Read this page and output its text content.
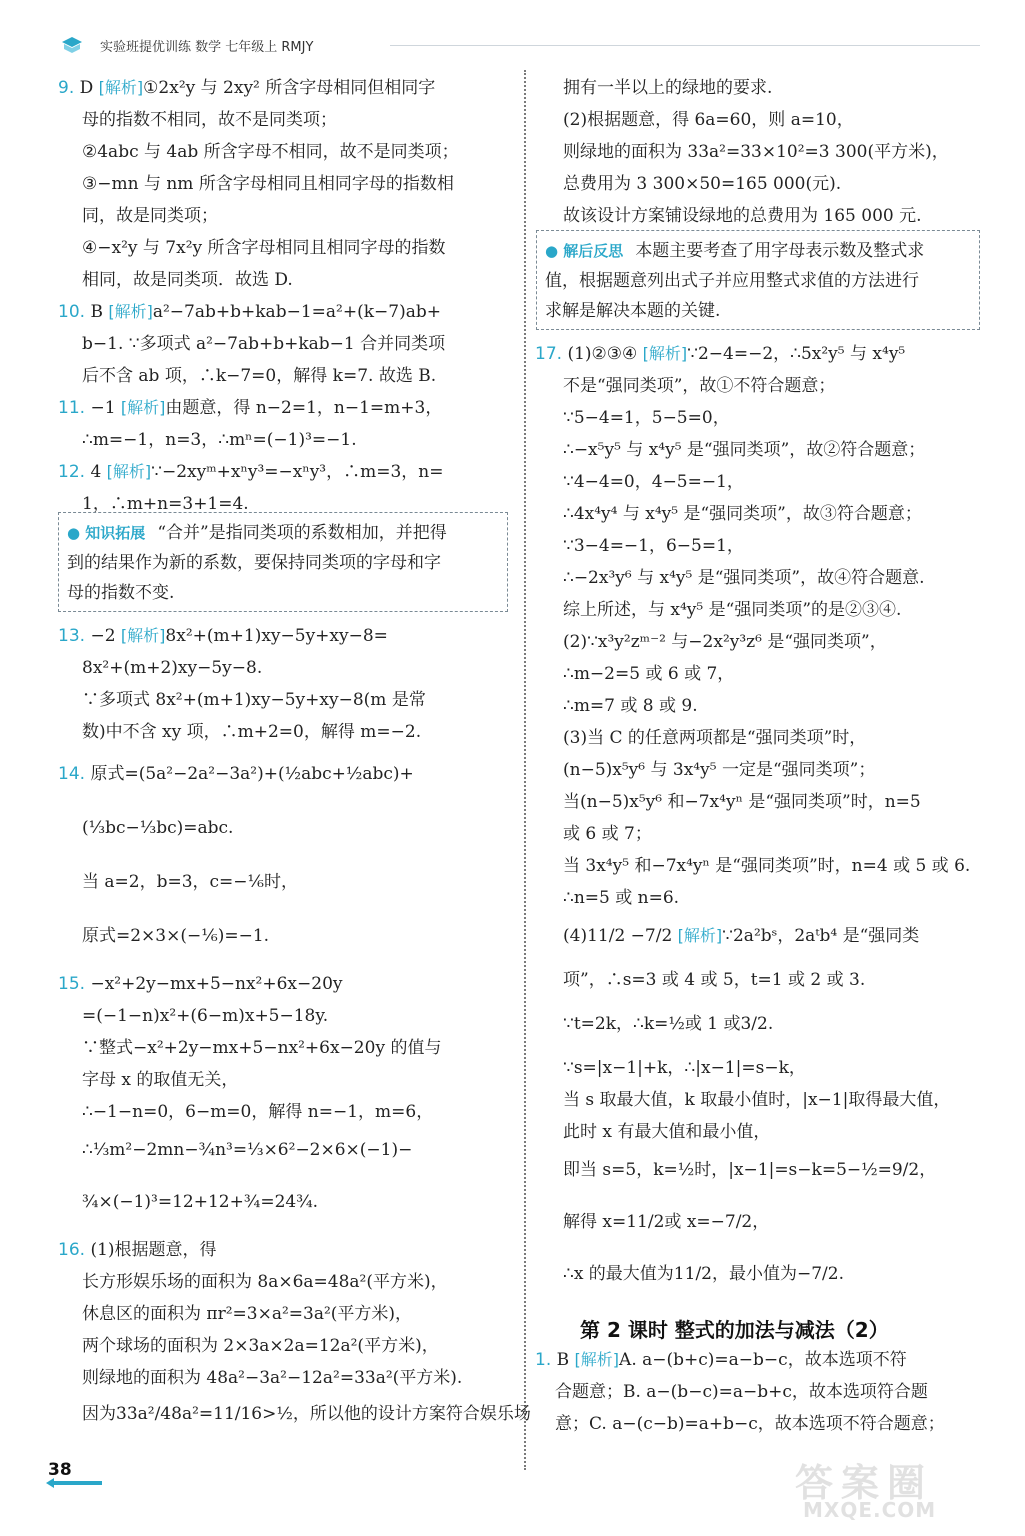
实验班提优训练 数学 七年级上 RMJY
9. D [解析]①2x²y 与 2xy² 所含字母相同但相同字
母的指数不相同，故不是同类项；
②4abc 与 4ab 所含字母不相同，故不是同类项；
③−mn 与 nm 所含字母相同且相同字母的指数相
同，故是同类项；
④−x²y 与 7x²y 所含字母相同且相同字母的指数
相同，故是同类项．故选 D.
10. B [解析]a²−7ab+b+kab−1=a²+(k−7)ab+
b−1. ∵多项式 a²−7ab+b+kab−1 合并同类项
后不含 ab 项，∴k−7=0，解得 k=7. 故选 B.
11. −1 [解析]由题意，得 n−2=1，n−1=m+3，
∴m=−1，n=3，∴mⁿ=(−1)³=−1.
12. 4 [解析]∵−2xyᵐ+xⁿy³=−xⁿy³，∴m=3，n=
1，∴m+n=3+1=4.
13. −2 [解析]8x²+(m+1)xy−5y+xy−8=
8x²+(m+2)xy−5y−8.
∵多项式 8x²+(m+1)xy−5y+xy−8(m 是常
数)中不含 xy 项，∴m+2=0，解得 m=−2.
14. 原式=(5a²−2a²−3a²)+(½abc+½abc)+
(⅓bc−⅓bc)=abc.
当 a=2，b=3，c=−⅙时，
原式=2×3×(−⅙)=−1.
15. −x²+2y−mx+5−nx²+6x−20y
=(−1−n)x²+(6−m)x+5−18y.
∵整式−x²+2y−mx+5−nx²+6x−20y 的值与
字母 x 的取值无关，
∴−1−n=0，6−m=0，解得 n=−1，m=6，
∴⅓m²−2mn−¾n³=⅓×6²−2×6×(−1)−
¾×(−1)³=12+12+¾=24¾.
16. (1)根据题意，得
长方形娱乐场的面积为 8a×6a=48a²(平方米)，
休息区的面积为 πr²=3×a²=3a²(平方米)，
两个球场的面积为 2×3a×2a=12a²(平方米)，
则绿地的面积为 48a²−3a²−12a²=33a²(平方米).
因为33a²/48a²=11/16>½，所以他的设计方案符合娱乐场
拥有一半以上的绿地的要求.
(2)根据题意，得 6a=60，则 a=10，
则绿地的面积为 33a²=33×10²=3 300(平方米)，
总费用为 3 300×50=165 000(元).
故该设计方案铺设绿地的总费用为 165 000 元.
17. (1)②③④ [解析]∵2−4=−2，∴5x²y⁵ 与 x⁴y⁵
不是“强同类项”，故①不符合题意；
∵5−4=1，5−5=0，
∴−x⁵y⁵ 与 x⁴y⁵ 是“强同类项”，故②符合题意；
∵4−4=0，4−5=−1，
∴4x⁴y⁴ 与 x⁴y⁵ 是“强同类项”，故③符合题意；
∵3−4=−1，6−5=1，
∴−2x³y⁶ 与 x⁴y⁵ 是“强同类项”，故④符合题意.
综上所述，与 x⁴y⁵ 是“强同类项”的是②③④.
(2)∵x³y²zᵐ⁻² 与−2x²y³z⁶ 是“强同类项”，
∴m−2=5 或 6 或 7，
∴m=7 或 8 或 9.
(3)当 C 的任意两项都是“强同类项”时，
(n−5)x⁵y⁶ 与 3x⁴y⁵ 一定是“强同类项”；
当(n−5)x⁵y⁶ 和−7x⁴yⁿ 是“强同类项”时，n=5
或 6 或 7；
当 3x⁴y⁵ 和−7x⁴yⁿ 是“强同类项”时，n=4 或 5 或 6.
∴n=5 或 n=6.
(4)11/2 −7/2 [解析]∵2a²bˢ，2aᵗb⁴ 是“强同类
项”，∴s=3 或 4 或 5，t=1 或 2 或 3.
∵t=2k，∴k=½或 1 或3/2.
∵s=|x−1|+k，∴|x−1|=s−k，
当 s 取最大值，k 取最小值时，|x−1|取得最大值，
此时 x 有最大值和最小值，
即当 s=5，k=½时，|x−1|=s−k=5−½=9/2，
解得 x=11/2或 x=−7/2，
∴x 的最大值为11/2，最小值为−7/2.
1. B [解析]A. a−(b+c)=a−b−c，故本选项不符
合题意；B. a−(b−c)=a−b+c，故本选项符合题
意；C. a−(c−b)=a+b−c，故本选项不符合题意；
● 知识拓展 “合并”是指同类项的系数相加，并把得
到的结果作为新的系数，要保持同类项的字母和字
母的指数不变.
● 解后反思 本题主要考查了用字母表示数及整式求
值，根据题意列出式子并应用整式求值的方法进行
求解是解决本题的关键.
第 2 课时 整式的加法与减法（2）
38	答案圈
MXQE.COM
